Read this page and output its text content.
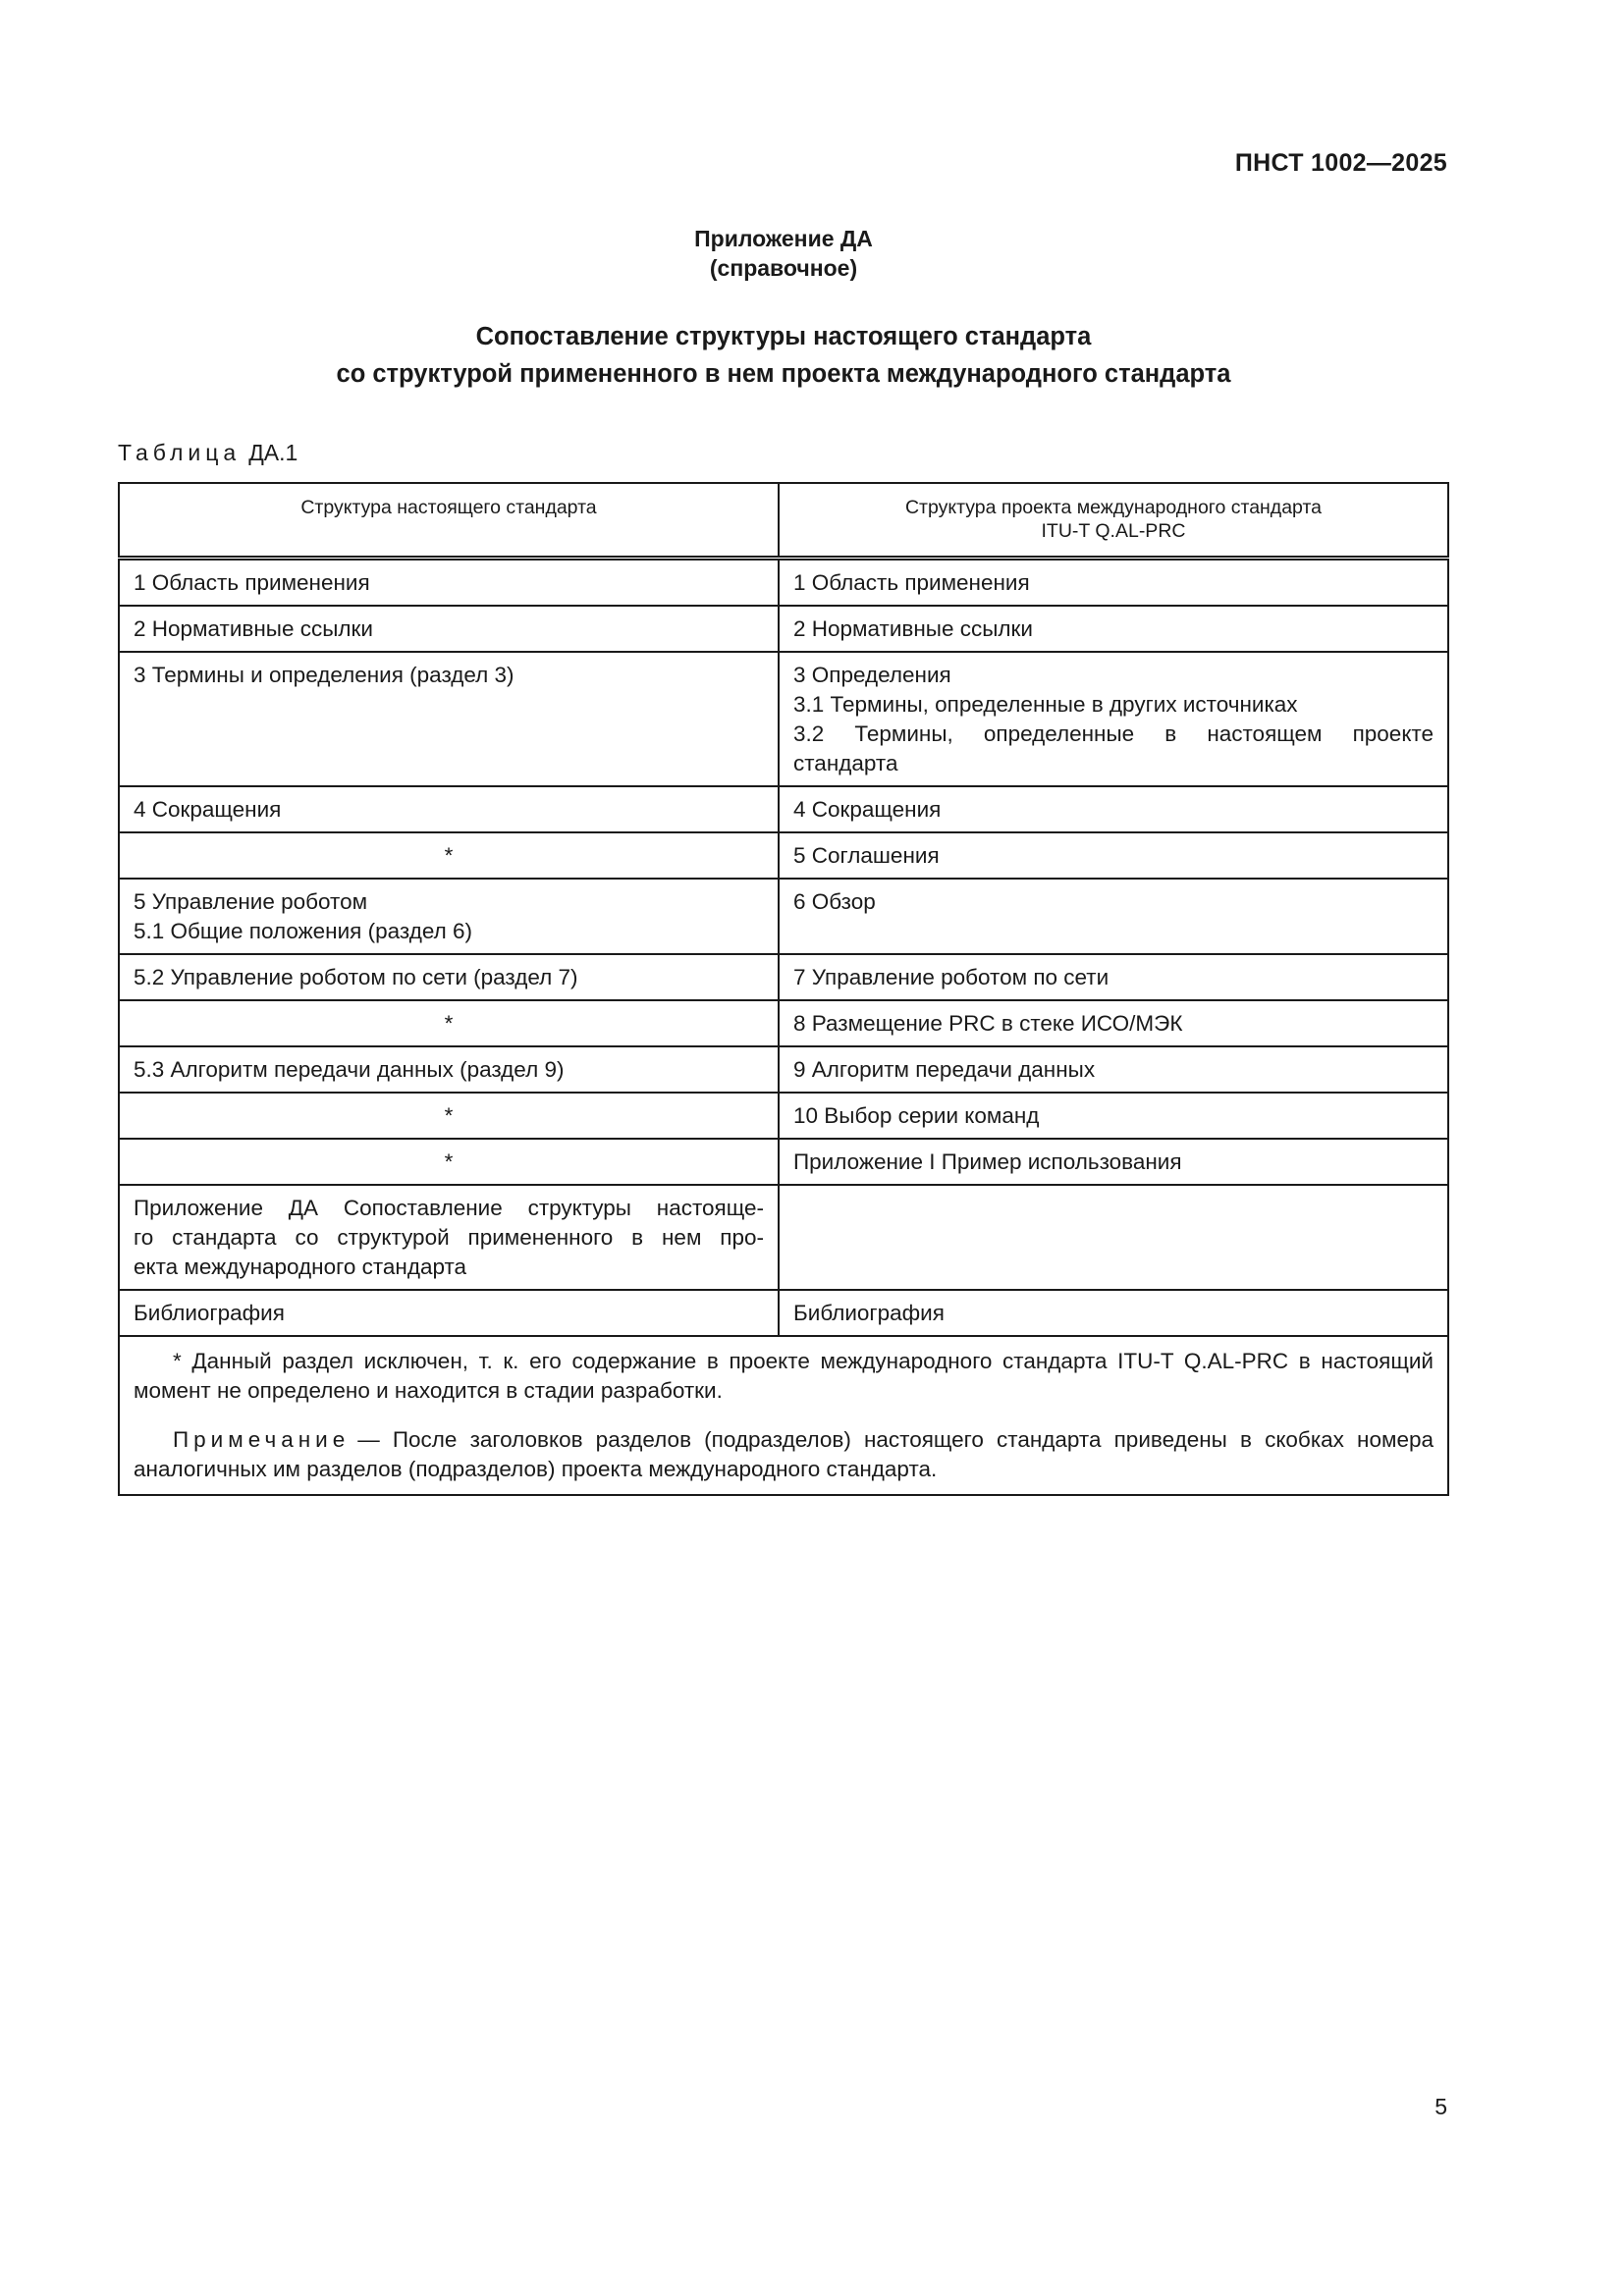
ПНСТ 1002—2025
Приложение ДА
(справочное)
Сопоставление структуры настоящего стандарта
со структурой примененного в нем проекта международного стандарта
Таблица ДА.1
Структура настоящего стандарта	Структура проекта международного стандарта
ITU-T Q.AL-PRC

1 Область применения	1 Область применения

2 Нормативные ссылки	2 Нормативные ссылки

3 Термины и определения (раздел 3)	3 Определения
3.1 Термины, определенные в других источниках
3.2 Термины, определенные в настоящем проекте
стандарта

4 Сокращения	4 Сокращения

*	5 Соглашения

5 Управление роботом
5.1 Общие положения (раздел 6)	6 Обзор

5.2 Управление роботом по сети (раздел 7)	7 Управление роботом по сети

*	8 Размещение PRC в стеке ИСО/МЭК

5.3 Алгоритм передачи данных (раздел 9)	9 Алгоритм передачи данных

*	10 Выбор серии команд

*	Приложение I Пример использования

Приложение ДА Сопоставление структуры настояще-
го стандарта со структурой примененного в нем про-
екта международного стандарта	

Библиография	Библиография

* Данный раздел исключен, т. к. его содержание в проекте международного стандарта ITU-T Q.AL-PRC в настоящий момент не определено и находится в стадии разработки.

Примечание — После заголовков разделов (подразделов) настоящего стандарта приведены в скобках номера аналогичных им разделов (подразделов) проекта международного стандарта.	

5
